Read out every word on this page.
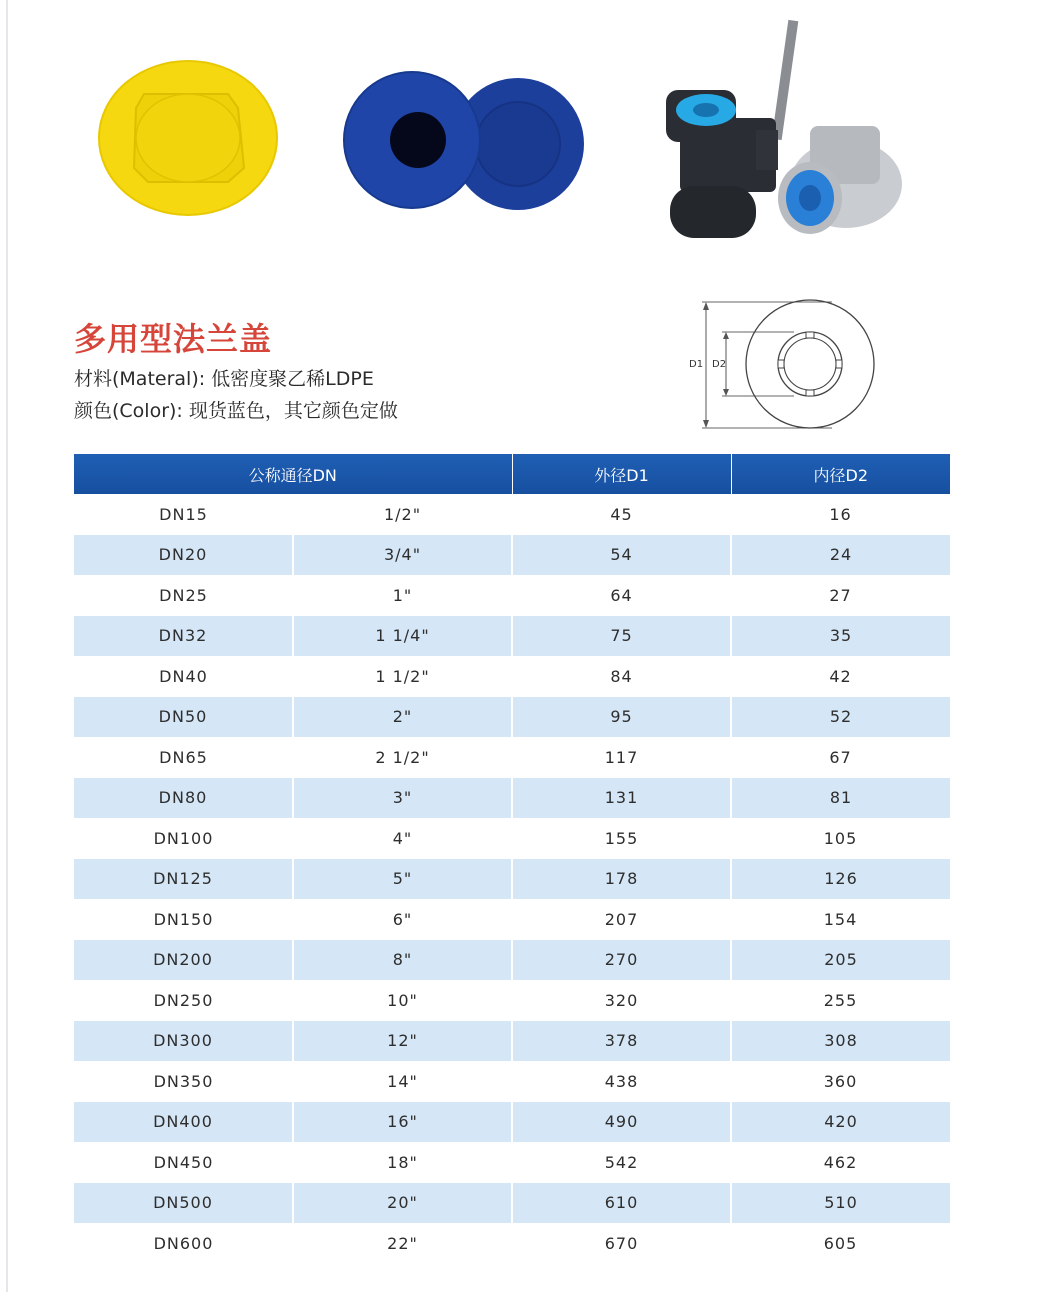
多用型法兰盖
材料(Materal): 低密度聚乙稀LDPE
颜色(Color): 现货蓝色，其它颜色定做
D1 D2
公称通径DN		外径D1	内径D2
DN15	1/2"	45	16
DN20	3/4"	54	24
DN25	1"	64	27
DN32	1 1/4"	75	35
DN40	1 1/2"	84	42
DN50	2"	95	52
DN65	2 1/2"	117	67
DN80	3"	131	81
DN100	4"	155	105
DN125	5"	178	126
DN150	6"	207	154
DN200	8"	270	205
DN250	10"	320	255
DN300	12"	378	308
DN350	14"	438	360
DN400	16"	490	420
DN450	18"	542	462
DN500	20"	610	510
DN600	22"	670	605
